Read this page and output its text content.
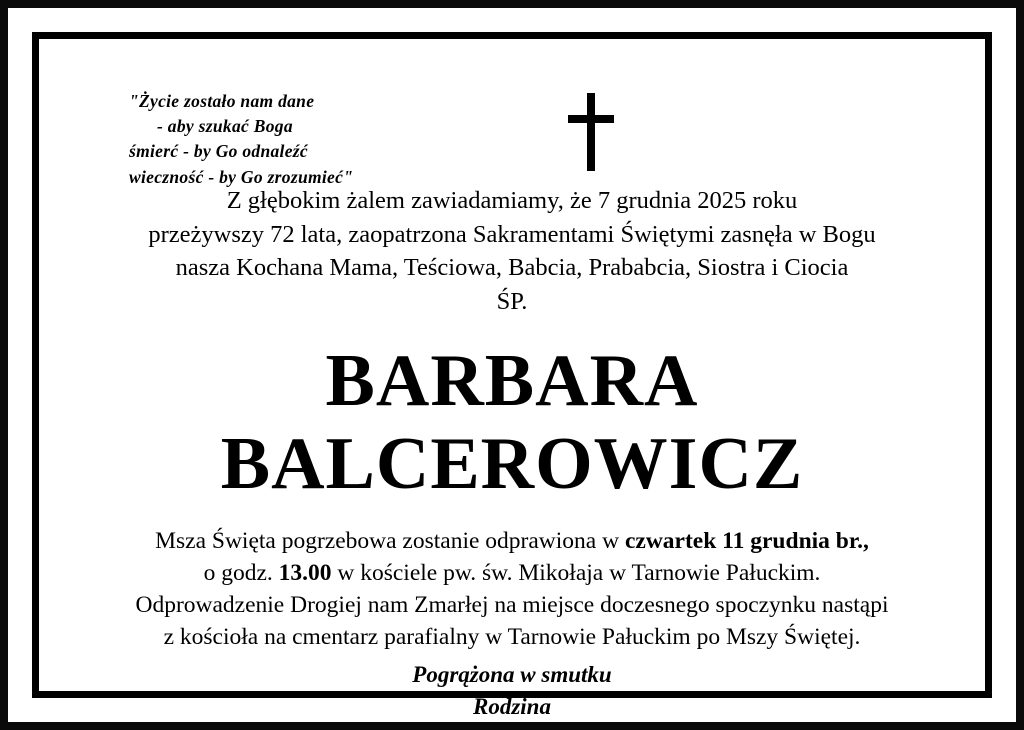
"Życie zostało nam dane
- aby szukać Boga
śmierć - by Go odnaleźć
wieczność - by Go zrozumieć"
Z głębokim żalem zawiadamiamy, że 7 grudnia 2025 roku
przeżywszy 72 lata, zaopatrzona Sakramentami Świętymi zasnęła w Bogu
nasza Kochana Mama, Teściowa, Babcia, Prababcia, Siostra i Ciocia
ŚP.
BARBARA
BALCEROWICZ
Msza Święta pogrzebowa zostanie odprawiona w czwartek 11 grudnia br.,
o godz. 13.00 w kościele pw. św. Mikołaja w Tarnowie Pałuckim.
Odprowadzenie Drogiej nam Zmarłej na miejsce doczesnego spoczynku nastąpi
z kościoła na cmentarz parafialny w Tarnowie Pałuckim po Mszy Świętej.
Pogrążona w smutku
Rodzina
